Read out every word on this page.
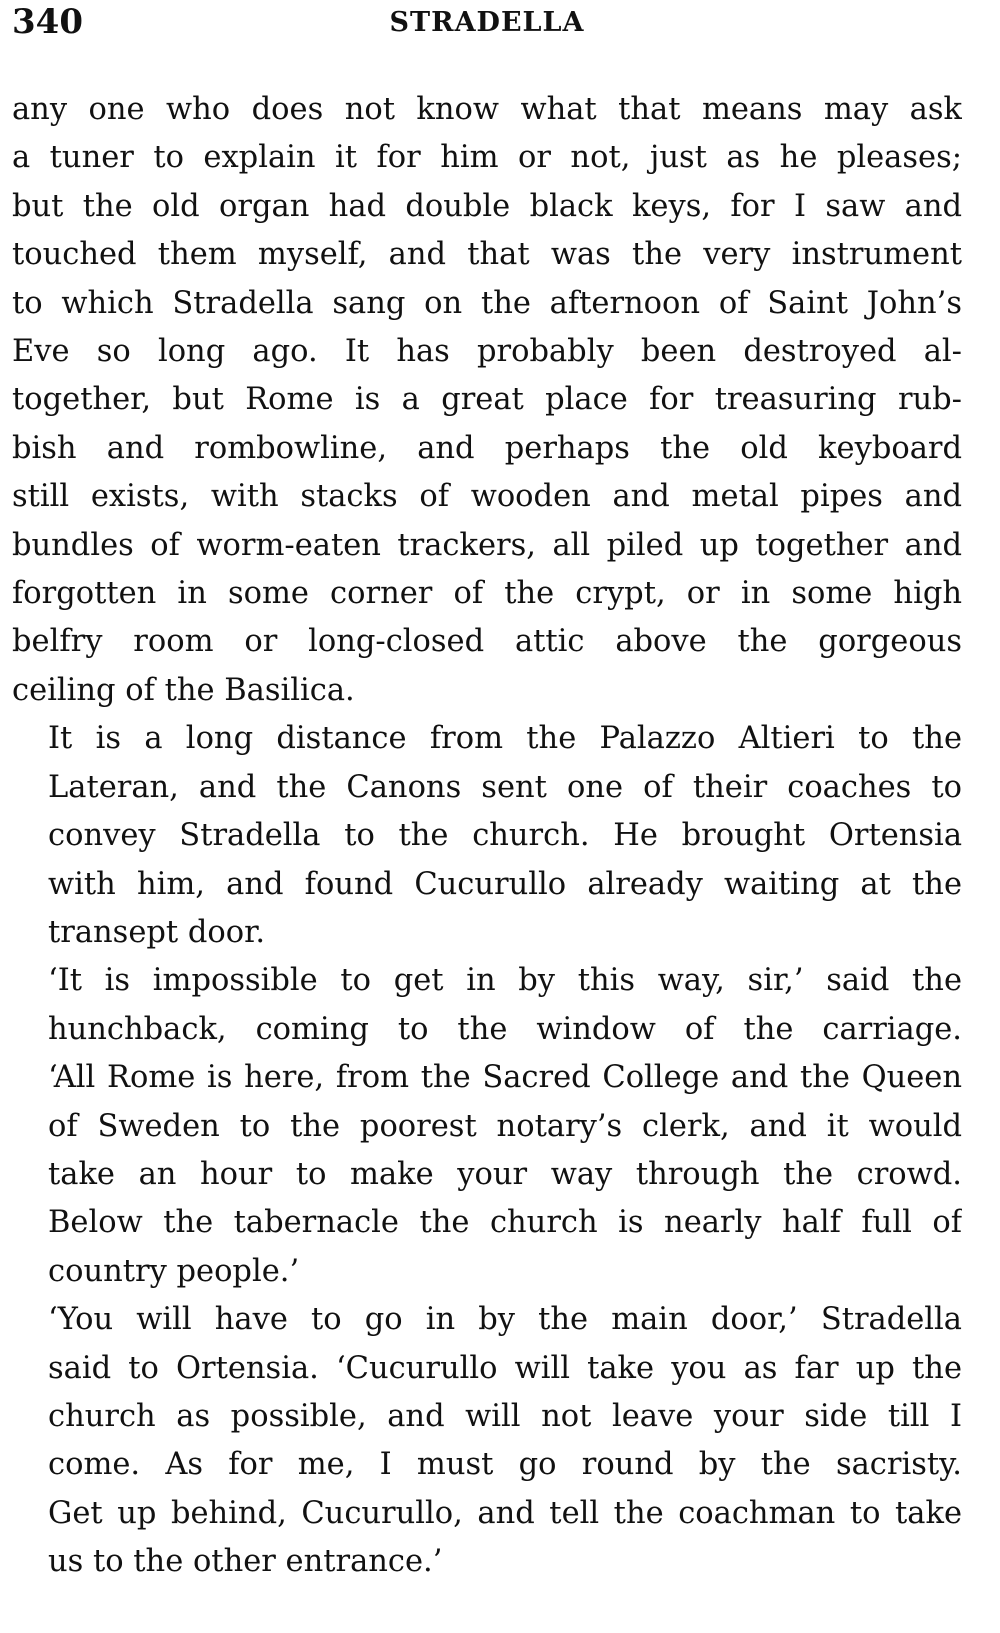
340	STRADELLA

any one who does not know what that means may ask
a tuner to explain it for him or not, just as he pleases;
but the old organ had double black keys, for I saw and
touched them myself, and that was the very instrument
to which Stradella sang on the afternoon of Saint John’s
Eve so long ago. It has probably been destroyed al-
together, but Rome is a great place for treasuring rub-
bish and rombowline, and perhaps the old keyboard
still exists, with stacks of wooden and metal pipes and
bundles of worm-eaten trackers, all piled up together and
forgotten in some corner of the crypt, or in some high
belfry room or long-closed attic above the gorgeous
ceiling of the Basilica.

It is a long distance from the Palazzo Altieri to the
Lateran, and the Canons sent one of their coaches to
convey Stradella to the church. He brought Ortensia
with him, and found Cucurullo already waiting at the
transept door.

‘It is impossible to get in by this way, sir,’ said the
hunchback, coming to the window of the carriage.
‘All Rome is here, from the Sacred College and the Queen
of Sweden to the poorest notary’s clerk, and it would
take an hour to make your way through the crowd.
Below the tabernacle the church is nearly half full of
country people.’

‘You will have to go in by the main door,’ Stradella
said to Ortensia. ‘Cucurullo will take you as far up the
church as possible, and will not leave your side till I
come. As for me, I must go round by the sacristy.
Get up behind, Cucurullo, and tell the coachman to take
us to the other entrance.’
